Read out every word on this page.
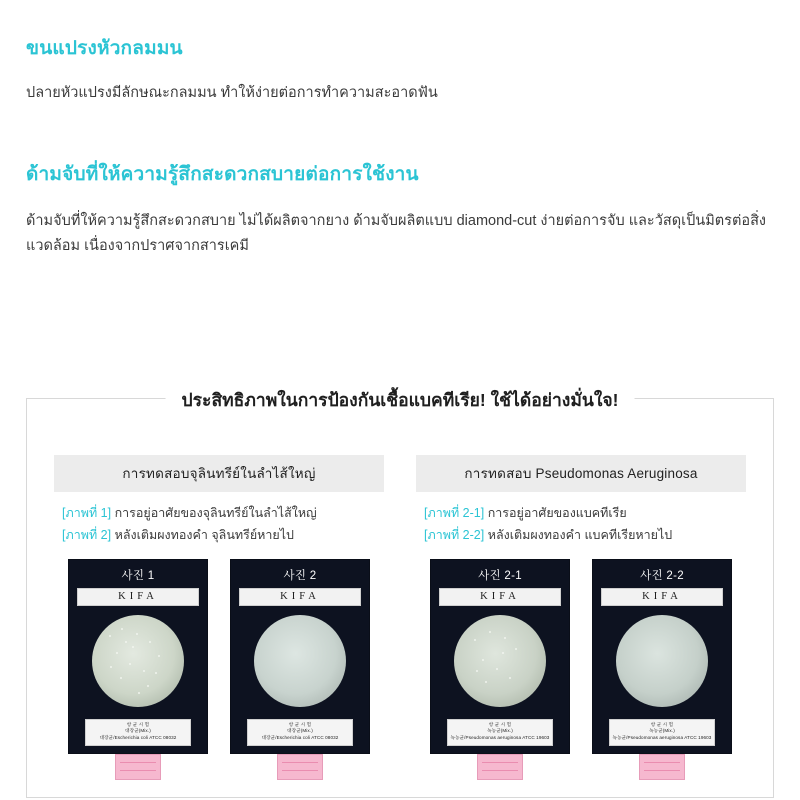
ขนแปรงหัวกลมมน

ปลายหัวแปรงมีลักษณะกลมมน ทำให้ง่ายต่อการทำความสะอาดฟัน

ด้ามจับที่ให้ความรู้สึกสะดวกสบายต่อการใช้งาน

ด้ามจับที่ให้ความรู้สึกสะดวกสบาย ไม่ได้ผลิตจากยาง ด้ามจับผลิตแบบ diamond-cut ง่ายต่อการจับ และวัสดุเป็นมิตรต่อสิ่งแวดล้อม เนื่องจากปราศจากสารเคมี

ประสิทธิภาพในการป้องกันเชื้อแบคทีเรีย! ใช้ได้อย่างมั่นใจ!
การทดสอบจุลินทรีย์ในลำไส้ใหญ่
[ภาพที่ 1] การอยู่อาศัยของจุลินทรีย์ในลำไส้ใหญ่
[ภาพที่ 2] หลังเติมผงทองคำ จุลินทรีย์หายไป
사진 1
KIFA
항 균 시 험
대장균(Mix.)
대장균/Escherichia coli ATCC 08032
사진 2
KIFA
항 균 시 험
대장균(Mix.)
대장균/Escherichia coli ATCC 08032
การทดสอบ Pseudomonas Aeruginosa
[ภาพที่ 2-1] การอยู่อาศัยของแบคทีเรีย
[ภาพที่ 2-2] หลังเติมผงทองคำ แบคทีเรียหายไป
사진 2-1
KIFA
항 균 시 험
녹농균(Mix.)
녹농균/Pseudomonas aeruginosa ATCC 19603
사진 2-2
KIFA
항 균 시 험
녹농균(Mix.)
녹농균/Pseudomonas aeruginosa ATCC 19603
